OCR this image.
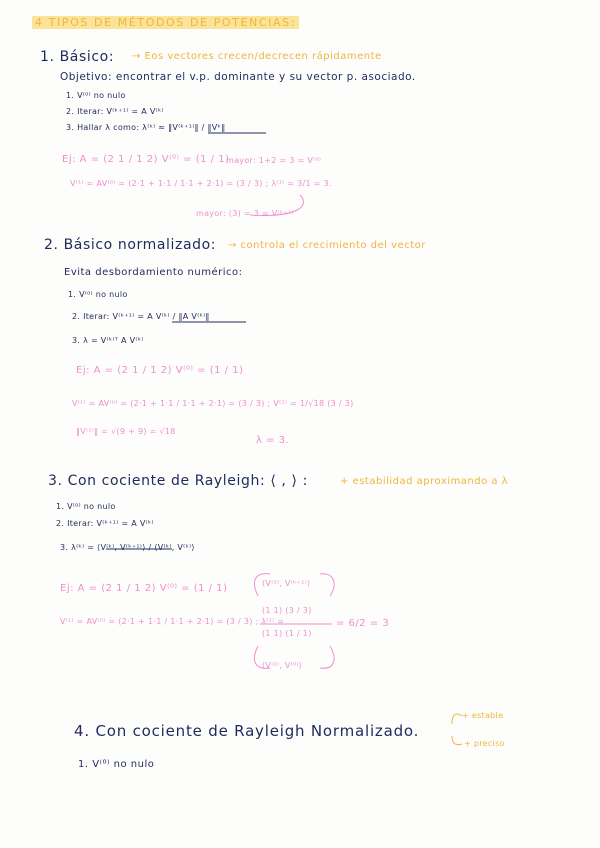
4 TIPOS DE MÉTODOS DE POTENCIAS:
1. Básico: → Eos vectores crecen/decrecen rápidamente
Objetivo: encontrar el v.p. dominante y su vector p. asociado.
1. V⁽⁰⁾ no nulo
2. Iterar: V⁽ᵏ⁺¹⁾ = A V⁽ᵏ⁾
3. Hallar λ como: λ⁽ᵏ⁾ ≈ ‖V⁽ᵏ⁺¹⁾‖ / ‖Vᵏ‖
Ej: A = (2 1 / 1 2) V⁽⁰⁾ = (1 / 1)
mayor: 1+2 = 3 = V⁽⁰⁾
V⁽¹⁾ = AV⁽⁰⁾ = (2·1 + 1·1 / 1·1 + 2·1) = (3 / 3) ; λ⁽¹⁾ = 3/1 = 3.
mayor: (3) = 3 = V⁽ᵏ⁺¹⁾
2. Básico normalizado: → controla el crecimiento del vector
Evita desbordamiento numérico:
1. V⁽⁰⁾ no nulo
2. Iterar: V⁽ᵏ⁺¹⁾ = A V⁽ᵏ⁾ / ‖A V⁽ᵏ⁾‖
3. λ = V⁽ᵏ⁾ᵀ A V⁽ᵏ⁾
Ej: A = (2 1 / 1 2) V⁽⁰⁾ = (1 / 1)
V⁽¹⁾ = AV⁽⁰⁾ = (2·1 + 1·1 / 1·1 + 2·1) = (3 / 3) ; V⁽¹⁾ = 1/√18 (3 / 3)
‖V⁽¹⁾‖ = √(9 + 9) = √18
λ = 3.
3. Con cociente de Rayleigh: ⟨ , ⟩ :	+ estabilidad aproximando a λ
1. V⁽⁰⁾ no nulo
2. Iterar: V⁽ᵏ⁺¹⁾ = A V⁽ᵏ⁾
3. λ⁽ᵏ⁾ = ⟨V⁽ᵏ⁾, V⁽ᵏ⁺¹⁾⟩ / ⟨V⁽ᵏ⁾, V⁽ᵏ⁾⟩
Ej: A = (2 1 / 1 2) V⁽⁰⁾ = (1 / 1)
V⁽¹⁾ = AV⁽⁰⁾ = (2·1 + 1·1 / 1·1 + 2·1) = (3 / 3) ; λ⁽¹⁾ =
⟨V⁽⁰⁾, V⁽ᵏ⁺¹⁾⟩
(1 1) (3 / 3)
(1 1) (1 / 1)
= 6/2 = 3
⟨V⁽⁰⁾, V⁽⁰⁾⟩
4. Con cociente de Rayleigh Normalizado.
+ estable
+ preciso
1. V⁽⁰⁾ no nulo
